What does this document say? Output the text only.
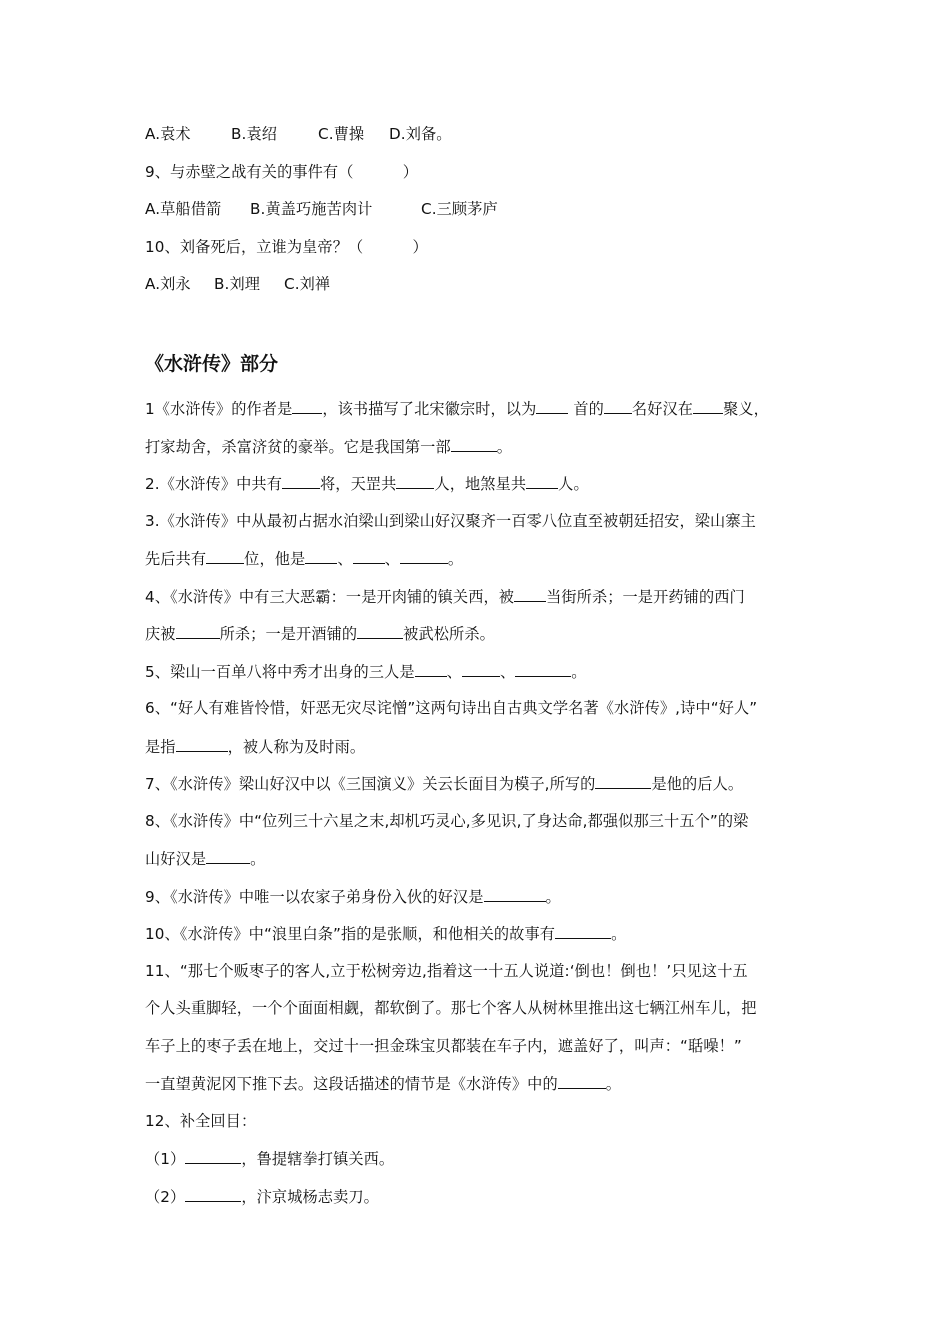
A.袁术	B.袁绍	C.曹操 D.刘备。
9、与赤壁之战有关的事件有（          ）
A.草船借箭 B.黄盖巧施苦肉计	C.三顾茅庐
10、刘备死后，立谁为皇帝？（          ）
A.刘永 B.刘理 C.刘禅
《水浒传》部分
1《水浒传》的作者是 ，该书描写了北宋徽宗时，以为 首的 名好汉在 聚义，
打家劫舍，杀富济贫的豪举。它是我国第一部	。
2.《水浒传》中共有	将，天罡共	人，地煞星共 人。
3.《水浒传》中从最初占据水泊梁山到梁山好汉聚齐一百零八位直至被朝廷招安，梁山寨主
先后共有	位，他是 、 、	。
4、《水浒传》中有三大恶霸：一是开肉铺的镇关西，被 当街所杀；一是开药铺的西门
庆被	所杀；一是开酒铺的	被武松所杀。
5、梁山一百单八将中秀才出身的三人是 、	、	。
6、“好人有难皆怜惜，奸恶无灾尽诧憎”这两句诗出自古典文学名著《水浒传》,诗中“好人”
是指	，被人称为及时雨。
7、《水浒传》梁山好汉中以《三国演义》关云长面目为模子,所写的	是他的后人。
8、《水浒传》中“位列三十六星之末,却机巧灵心,多见识,了身达命,都强似那三十五个”的梁
山好汉是	。
9、《水浒传》中唯一以农家子弟身份入伙的好汉是	。
10、《水浒传》中“浪里白条”指的是张顺，和他相关的故事有	。
11、“那七个贩枣子的客人,立于松树旁边,指着这一十五人说道:‘倒也！倒也！’只见这十五
个人头重脚轻，一个个面面相觑，都软倒了。那七个客人从树林里推出这七辆江州车儿，把
车子上的枣子丢在地上，交过十一担金珠宝贝都装在车子内，遮盖好了，叫声：“聒噪！”
一直望黄泥冈下推下去。这段话描述的情节是《水浒传》中的	。
12、补全回目：
（1）	，鲁提辖拳打镇关西。
（2）	，汴京城杨志卖刀。
